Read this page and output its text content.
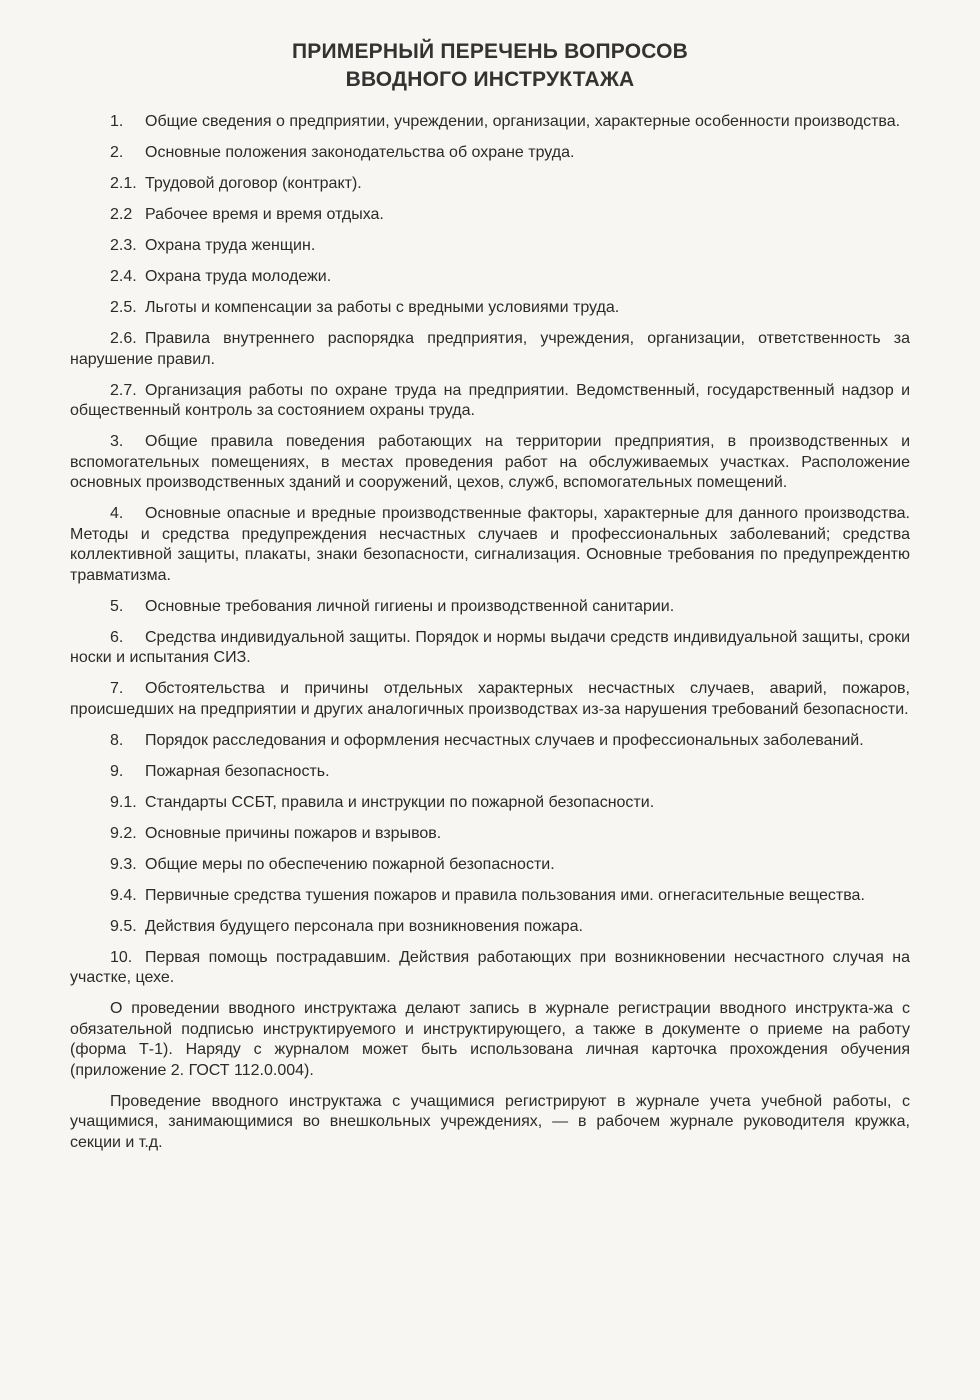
ПРИМЕРНЫЙ ПЕРЕЧЕНЬ ВОПРОСОВ
ВВОДНОГО ИНСТРУКТАЖА

1. Общие сведения о предприятии, учреждении, организации, характерные особенности производства.

2. Основные положения законодательства об охране труда.

2.1. Трудовой договор (контракт).

2.2 Рабочее время и время отдыха.

2.3. Охрана труда женщин.

2.4. Охрана труда молодежи.

2.5. Льготы и компенсации за работы с вредными условиями труда.

2.6. Правила внутреннего распорядка предприятия, учреждения, организации, ответственность за нарушение правил.

2.7. Организация работы по охране труда на предприятии. Ведомственный, государственный надзор и общественный контроль за состоянием охраны труда.

3. Общие правила поведения работающих на территории предприятия, в производственных и вспомогательных помещениях, в местах проведения работ на обслуживаемых участках. Расположение основных производственных зданий и сооружений, цехов, служб, вспомогательных помещений.

4. Основные опасные и вредные производственные факторы, характерные для данного производства. Методы и средства предупреждения несчастных случаев и профессиональных заболеваний; средства коллективной защиты, плакаты, знаки безопасности, сигнализация. Основные требования по предупреждентю травматизма.

5. Основные требования личной гигиены и производственной санитарии.

6. Средства индивидуальной защиты. Порядок и нормы выдачи средств индивидуальной защиты, сроки носки и испытания СИЗ.

7. Обстоятельства и причины отдельных характерных несчастных случаев, аварий, пожаров, происшедших на предприятии и других аналогичных производствах из-за нарушения требований безопасности.

8. Порядок расследования и оформления несчастных случаев и профессиональных заболеваний.

9. Пожарная безопасность.

9.1. Стандарты ССБТ, правила и инструкции по пожарной безопасности.

9.2. Основные причины пожаров и взрывов.

9.3. Общие меры по обеспечению пожарной безопасности.

9.4. Первичные средства тушения пожаров и правила пользования ими. огнегасительные вещества.

9.5. Действия будущего персонала при возникновения пожара.

10. Первая помощь пострадавшим. Действия работающих при возникновении несчастного случая на участке, цехе.

О проведении вводного инструктажа делают запись в журнале регистрации вводного инструкта-жа с обязательной подписью инструктируемого и инструктирующего, а также в документе о приеме на работу (форма Т-1). Наряду с журналом может быть использована личная карточка прохождения обучения (приложение 2. ГОСТ 112.0.004).

Проведение вводного инструктажа с учащимися регистрируют в журнале учета учебной работы, с учащимися, занимающимися во внешкольных учреждениях, — в рабочем журнале руководителя кружка, секции и т.д.
